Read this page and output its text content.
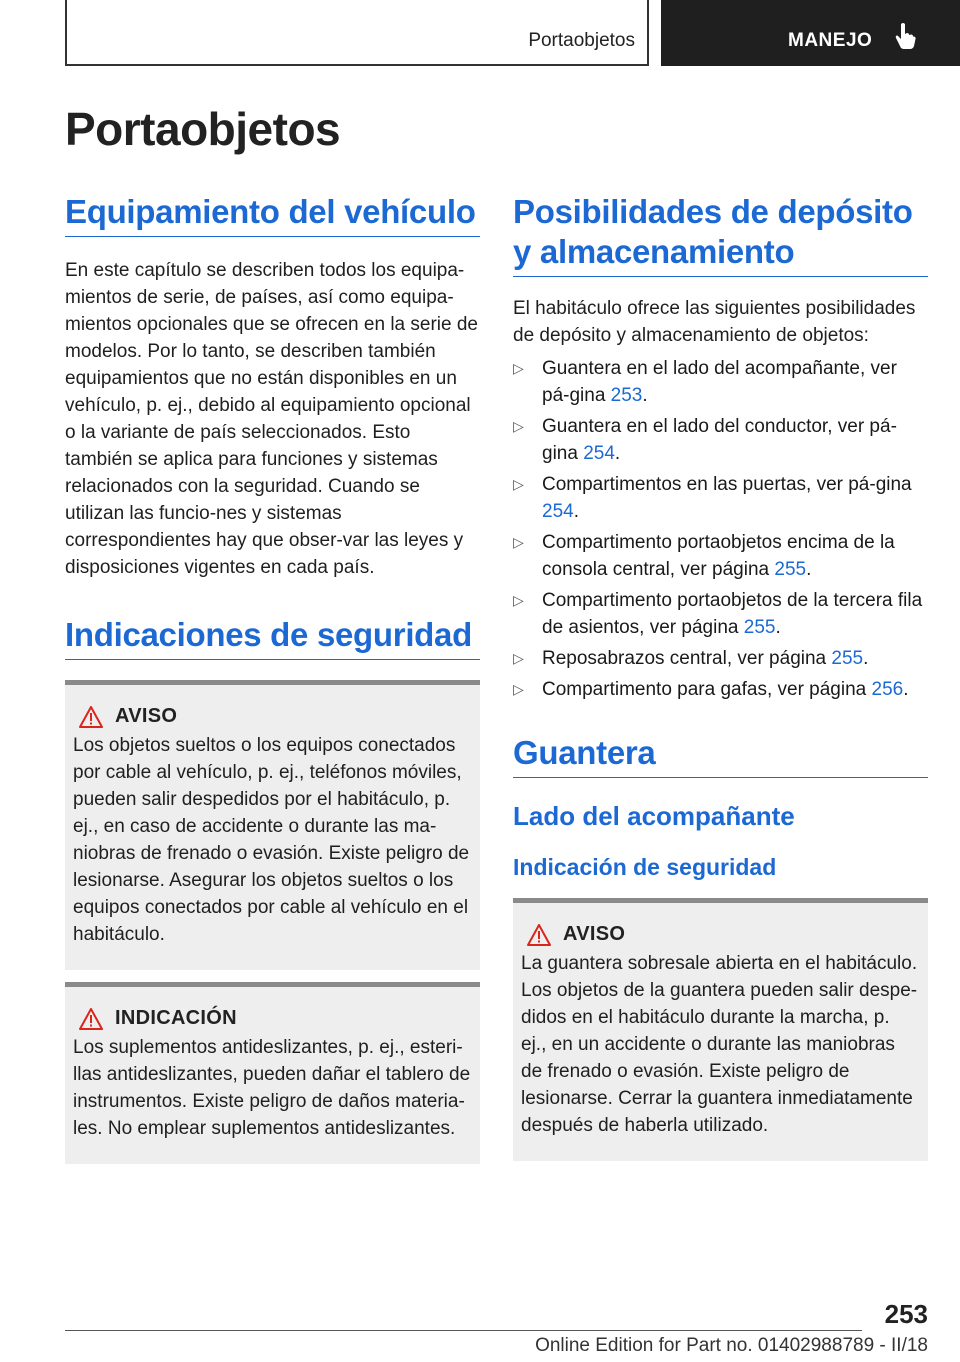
Portaobjetos	MANEJO
Portaobjetos
Equipamiento del vehículo

En este capítulo se describen todos los equipa‐mientos de serie, de países, así como equipa‐mientos opcionales que se ofrecen en la serie de modelos. Por lo tanto, se describen también equipamientos que no están disponibles en un vehículo, p. ej., debido al equipamiento opcional o la variante de país seleccionados. Esto también se aplica para funciones y sistemas relacionados con la seguridad. Cuando se utilizan las funcio‐nes y sistemas correspondientes hay que obser‐var las leyes y disposiciones vigentes en cada país.

Indicaciones de seguridad
AVISO

Los objetos sueltos o los equipos conectados por cable al vehículo, p. ej., teléfonos móviles, pueden salir despedidos por el habitáculo, p. ej., en caso de accidente o durante las ma‐niobras de frenado o evasión. Existe peligro de lesionarse. Asegurar los objetos sueltos o los equipos conectados por cable al vehículo en el habitáculo.

INDICACIÓN

Los suplementos antideslizantes, p. ej., esteri‐llas antideslizantes, pueden dañar el tablero de instrumentos. Existe peligro de daños materia‐les. No emplear suplementos antideslizantes.

Posibilidades de depósito y almacenamiento

El habitáculo ofrece las siguientes posibilidades de depósito y almacenamiento de objetos:

▷ Guantera en el lado del acompañante, ver pá‐gina 253.
▷ Guantera en el lado del conductor, ver pá‐gina 254.
▷ Compartimentos en las puertas, ver pá‐gina 254.
▷ Compartimento portaobjetos encima de la consola central, ver página 255.
▷ Compartimento portaobjetos de la tercera fila de asientos, ver página 255.
▷ Reposabrazos central, ver página 255.
▷ Compartimento para gafas, ver página 256.
Guantera
Lado del acompañante
Indicación de seguridad
AVISO

La guantera sobresale abierta en el habitáculo. Los objetos de la guantera pueden salir despe‐didos en el habitáculo durante la marcha, p. ej., en un accidente o durante las maniobras de frenado o evasión. Existe peligro de lesionarse. Cerrar la guantera inmediatamente después de haberla utilizado.

253
Online Edition for Part no. 01402988789 - II/18
